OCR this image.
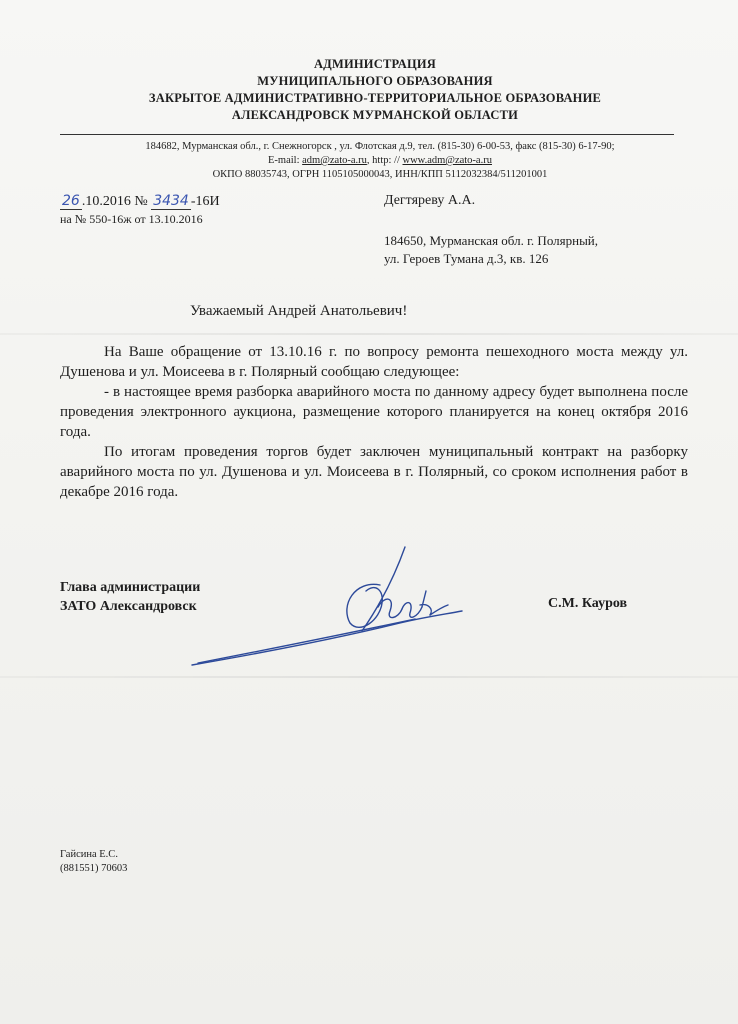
АДМИНИСТРАЦИЯ
МУНИЦИПАЛЬНОГО ОБРАЗОВАНИЯ
ЗАКРЫТОЕ АДМИНИСТРАТИВНО-ТЕРРИТОРИАЛЬНОЕ ОБРАЗОВАНИЕ
АЛЕКСАНДРОВСК МУРМАНСКОЙ ОБЛАСТИ
184682, Мурманская обл., г. Снежногорск , ул. Флотская д.9, тел. (815-30) 6-00-53, факс (815-30) 6-17-90;
E-mail: adm@zato-a.ru, http: // www.adm@zato-a.ru
ОКПО 88035743, ОГРН 1105105000043, ИНН/КПП 5112032384/511201001
26 .10.2016 № 3434 -16И
на № 550-16ж от 13.10.2016
Дегтяреву А.А.
184650, Мурманская обл. г. Полярный,
ул. Героев Тумана д.3, кв. 126
Уважаемый Андрей Анатольевич!

На Ваше обращение от 13.10.16 г. по вопросу ремонта пешеходного моста между ул. Душенова и ул. Моисеева в г. Полярный сообщаю следующее:

- в настоящее время разборка аварийного моста по данному адресу будет выполнена после проведения электронного аукциона, размещение которого планируется на конец октября 2016 года.

По итогам проведения торгов будет заключен муниципальный контракт на разборку аварийного моста по ул. Душенова и ул. Моисеева в г. Полярный, со сроком исполнения работ в декабре 2016 года.

Глава администрации
ЗАТО Александровск	С.М. Кауров
Гайсина Е.С.
(881551) 70603
